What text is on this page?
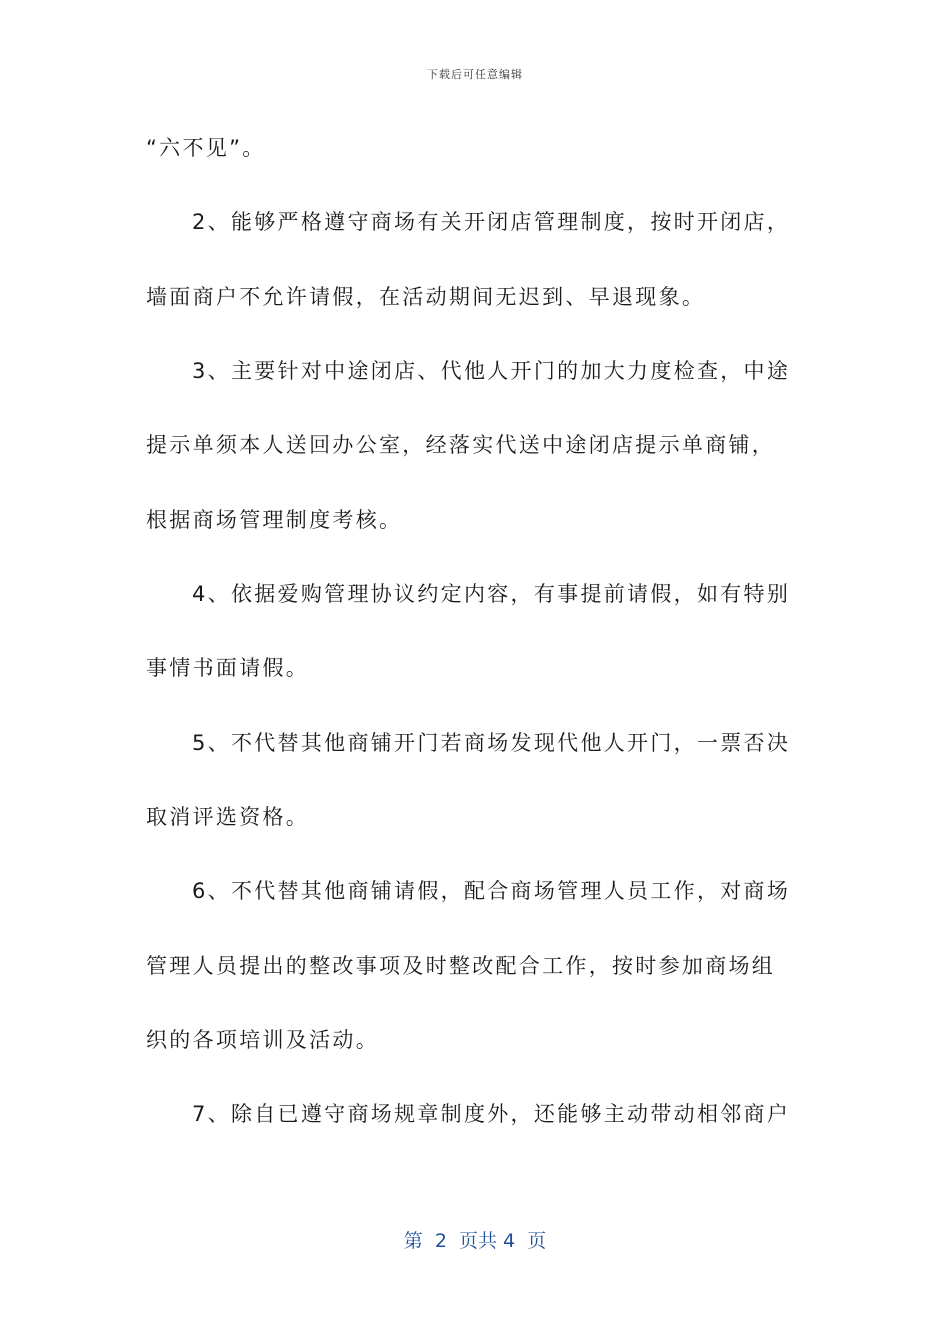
下载后可任意编辑
“六不见”。
2、能够严格遵守商场有关开闭店管理制度，按时开闭店，
墙面商户不允许请假，在活动期间无迟到、早退现象。
3、主要针对中途闭店、代他人开门的加大力度检查，中途
提示单须本人送回办公室，经落实代送中途闭店提示单商铺，
根据商场管理制度考核。
4、依据爱购管理协议约定内容，有事提前请假，如有特别
事情书面请假。
5、不代替其他商铺开门若商场发现代他人开门，一票否决
取消评选资格。
6、不代替其他商铺请假，配合商场管理人员工作，对商场
管理人员提出的整改事项及时整改配合工作，按时参加商场组
织的各项培训及活动。
7、除自已遵守商场规章制度外，还能够主动带动相邻商户
第  2  页共 4  页
